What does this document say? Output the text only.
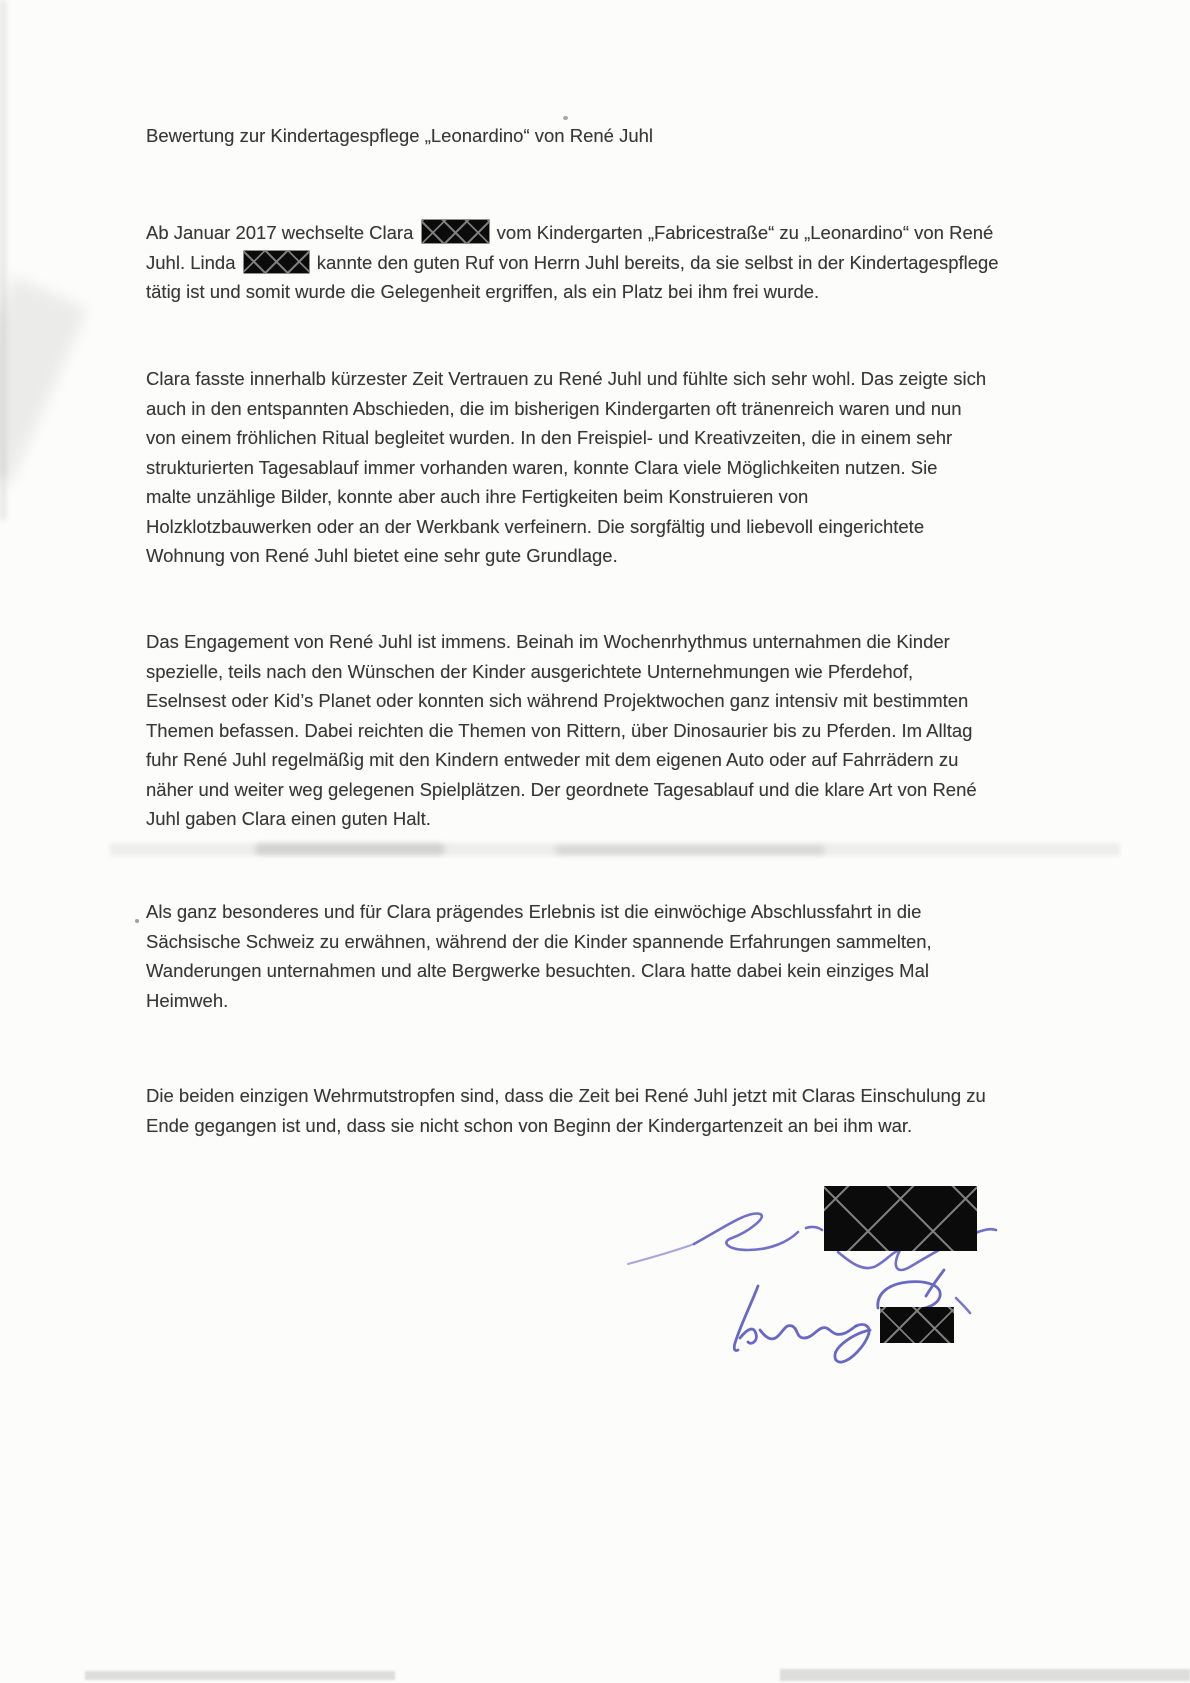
Bewertung zur Kindertagespflege „Leonardino“ von René Juhl
Ab Januar 2017 wechselte Clara	vom Kindergarten „Fabricestraße“ zu „Leonardino“ von René
Juhl. Linda	kannte den guten Ruf von Herrn Juhl bereits, da sie selbst in der Kindertagespflege
tätig ist und somit wurde die Gelegenheit ergriffen, als ein Platz bei ihm frei wurde.
Clara fasste innerhalb kürzester Zeit Vertrauen zu René Juhl und fühlte sich sehr wohl. Das zeigte sich
auch in den entspannten Abschieden, die im bisherigen Kindergarten oft tränenreich waren und nun
von einem fröhlichen Ritual begleitet wurden. In den Freispiel- und Kreativzeiten, die in einem sehr
strukturierten Tagesablauf immer vorhanden waren, konnte Clara viele Möglichkeiten nutzen. Sie
malte unzählige Bilder, konnte aber auch ihre Fertigkeiten beim Konstruieren von
Holzklotzbauwerken oder an der Werkbank verfeinern. Die sorgfältig und liebevoll eingerichtete
Wohnung von René Juhl bietet eine sehr gute Grundlage.
Das Engagement von René Juhl ist immens. Beinah im Wochenrhythmus unternahmen die Kinder
spezielle, teils nach den Wünschen der Kinder ausgerichtete Unternehmungen wie Pferdehof,
Eselnsest oder Kid’s Planet oder konnten sich während Projektwochen ganz intensiv mit bestimmten
Themen befassen. Dabei reichten die Themen von Rittern, über Dinosaurier bis zu Pferden. Im Alltag
fuhr René Juhl regelmäßig mit den Kindern entweder mit dem eigenen Auto oder auf Fahrrädern zu
näher und weiter weg gelegenen Spielplätzen. Der geordnete Tagesablauf und die klare Art von René
Juhl gaben Clara einen guten Halt.
Als ganz besonderes und für Clara prägendes Erlebnis ist die einwöchige Abschlussfahrt in die
Sächsische Schweiz zu erwähnen, während der die Kinder spannende Erfahrungen sammelten,
Wanderungen unternahmen und alte Bergwerke besuchten. Clara hatte dabei kein einziges Mal
Heimweh.
Die beiden einzigen Wehrmutstropfen sind, dass die Zeit bei René Juhl jetzt mit Claras Einschulung zu
Ende gegangen ist und, dass sie nicht schon von Beginn der Kindergartenzeit an bei ihm war.
